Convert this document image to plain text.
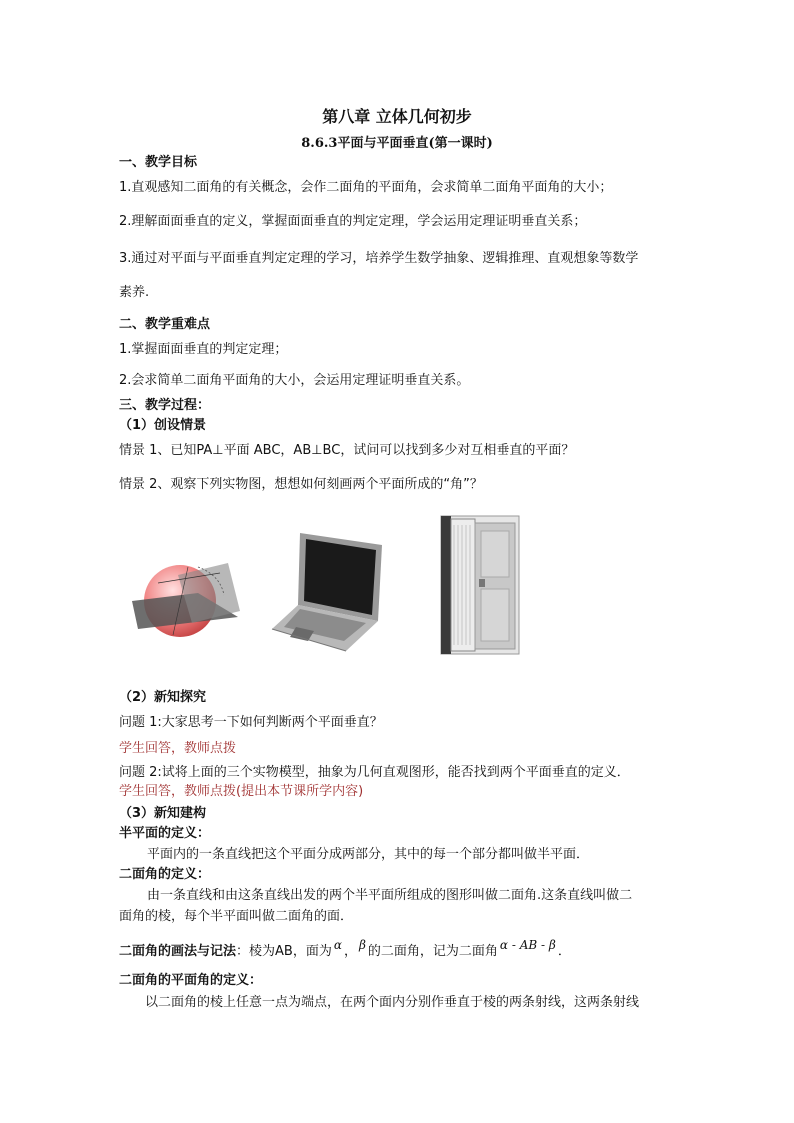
第八章 立体几何初步
8.6.3平面与平面垂直(第一课时)
一、教学目标
1.直观感知二面角的有关概念，会作二面角的平面角，会求简单二面角平面角的大小；
2.理解面面垂直的定义，掌握面面垂直的判定定理，学会运用定理证明垂直关系；
3.通过对平面与平面垂直判定定理的学习，培养学生数学抽象、逻辑推理、直观想象等数学
素养.
二、教学重难点
1.掌握面面垂直的判定定理；
2.会求简单二面角平面角的大小，会运用定理证明垂直关系。
三、教学过程：
（1）创设情景
情景 1、已知PA⊥平面 ABC，AB⊥BC，试问可以找到多少对互相垂直的平面？
情景 2、观察下列实物图，想想如何刻画两个平面所成的“角”？
（2）新知探究
问题 1:大家思考一下如何判断两个平面垂直？
学生回答，教师点拨
问题 2:试将上面的三个实物模型，抽象为几何直观图形，能否找到两个平面垂直的定义．
学生回答，教师点拨(提出本节课所学内容)
（3）新知建构
半平面的定义：
平面内的一条直线把这个平面分成两部分，其中的每一个部分都叫做半平面．
二面角的定义：
由一条直线和由这条直线出发的两个半平面所组成的图形叫做二面角.这条直线叫做二
面角的棱，每个半平面叫做二面角的面．
二面角的画法与记法：棱为AB，面为 α ， β 的二面角，记为二面角 α - AB - β ．
二面角的平面角的定义：
以二面角的棱上任意一点为端点，在两个面内分别作垂直于棱的两条射线，这两条射线
